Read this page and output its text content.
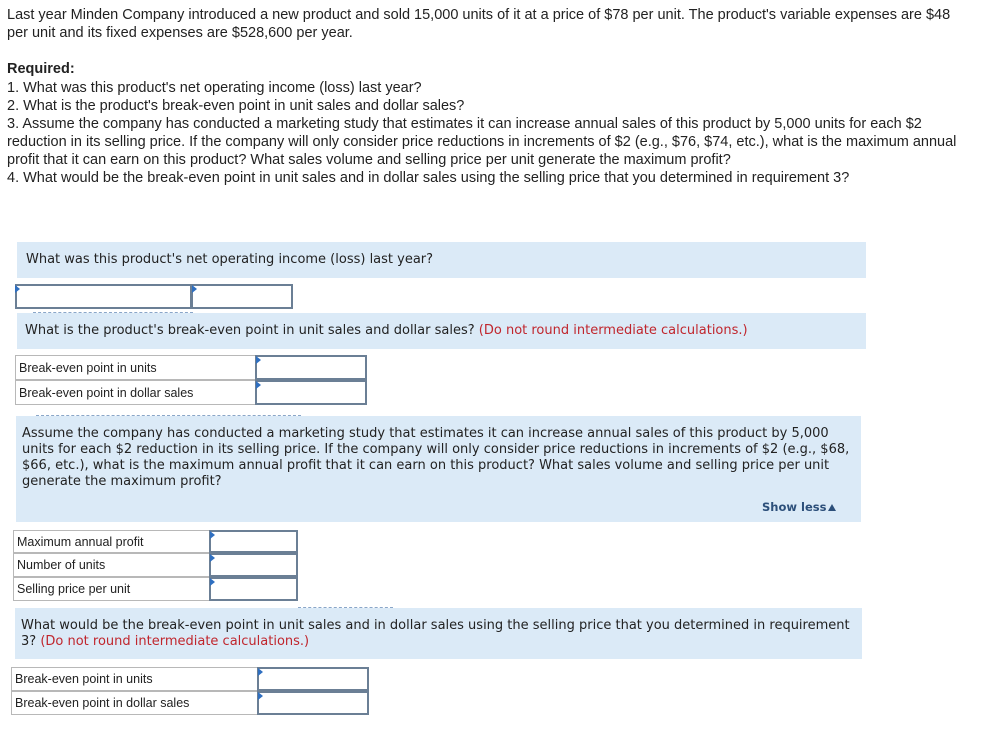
Last year Minden Company introduced a new product and sold 15,000 units of it at a price of $78 per unit. The product's variable expenses are $48 per unit and its fixed expenses are $528,600 per year.
Required:
1. What was this product's net operating income (loss) last year?
2. What is the product's break-even point in unit sales and dollar sales?
3. Assume the company has conducted a marketing study that estimates it can increase annual sales of this product by 5,000 units for each $2 reduction in its selling price. If the company will only consider price reductions in increments of $2 (e.g., $76, $74, etc.), what is the maximum annual profit that it can earn on this product? What sales volume and selling price per unit generate the maximum profit?
4. What would be the break-even point in unit sales and in dollar sales using the selling price that you determined in requirement 3?
What was this product's net operating income (loss) last year?
What is the product's break-even point in unit sales and dollar sales? (Do not round intermediate calculations.)
Break-even point in units
Break-even point in dollar sales
Assume the company has conducted a marketing study that estimates it can increase annual sales of this product by 5,000 units for each $2 reduction in its selling price. If the company will only consider price reductions in increments of $2 (e.g., $68, $66, etc.), what is the maximum annual profit that it can earn on this product? What sales volume and selling price per unit generate the maximum profit?
Show less
Maximum annual profit
Number of units
Selling price per unit
What would be the break-even point in unit sales and in dollar sales using the selling price that you determined in requirement 3? (Do not round intermediate calculations.)
Break-even point in units
Break-even point in dollar sales
